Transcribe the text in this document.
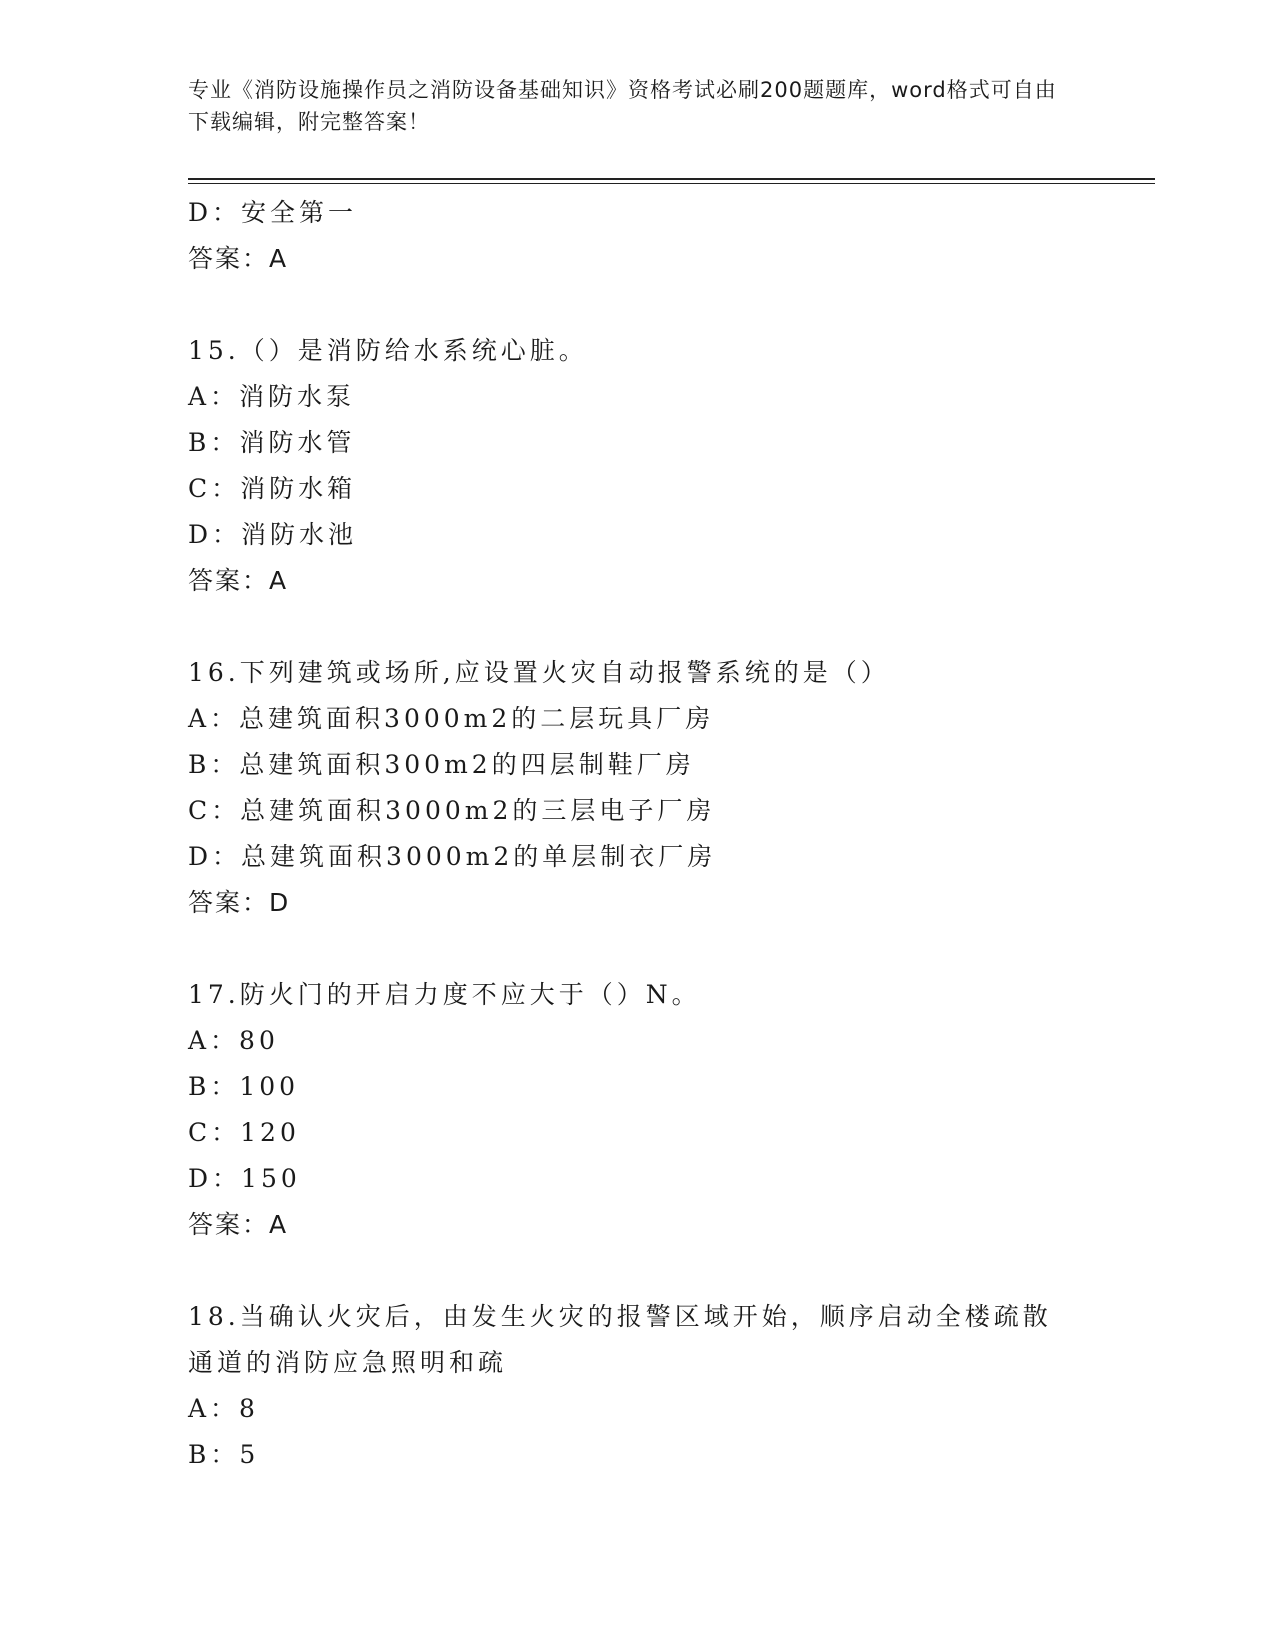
专业《消防设施操作员之消防设备基础知识》资格考试必刷200题题库，word格式可自由下载编辑，附完整答案！
D：安全第一
答案：A
15.（）是消防给水系统心脏。
A：消防水泵
B：消防水管
C：消防水箱
D：消防水池
答案：A
16.下列建筑或场所,应设置火灾自动报警系统的是（）
A：总建筑面积3000m2的二层玩具厂房
B：总建筑面积300m2的四层制鞋厂房
C：总建筑面积3000m2的三层电子厂房
D：总建筑面积3000m2的单层制衣厂房
答案：D
17.防火门的开启力度不应大于（）N。
A：80
B：100
C：120
D：150
答案：A
18.当确认火灾后，由发生火灾的报警区域开始，顺序启动全楼疏散通道的消防应急照明和疏
A：8
B：5
